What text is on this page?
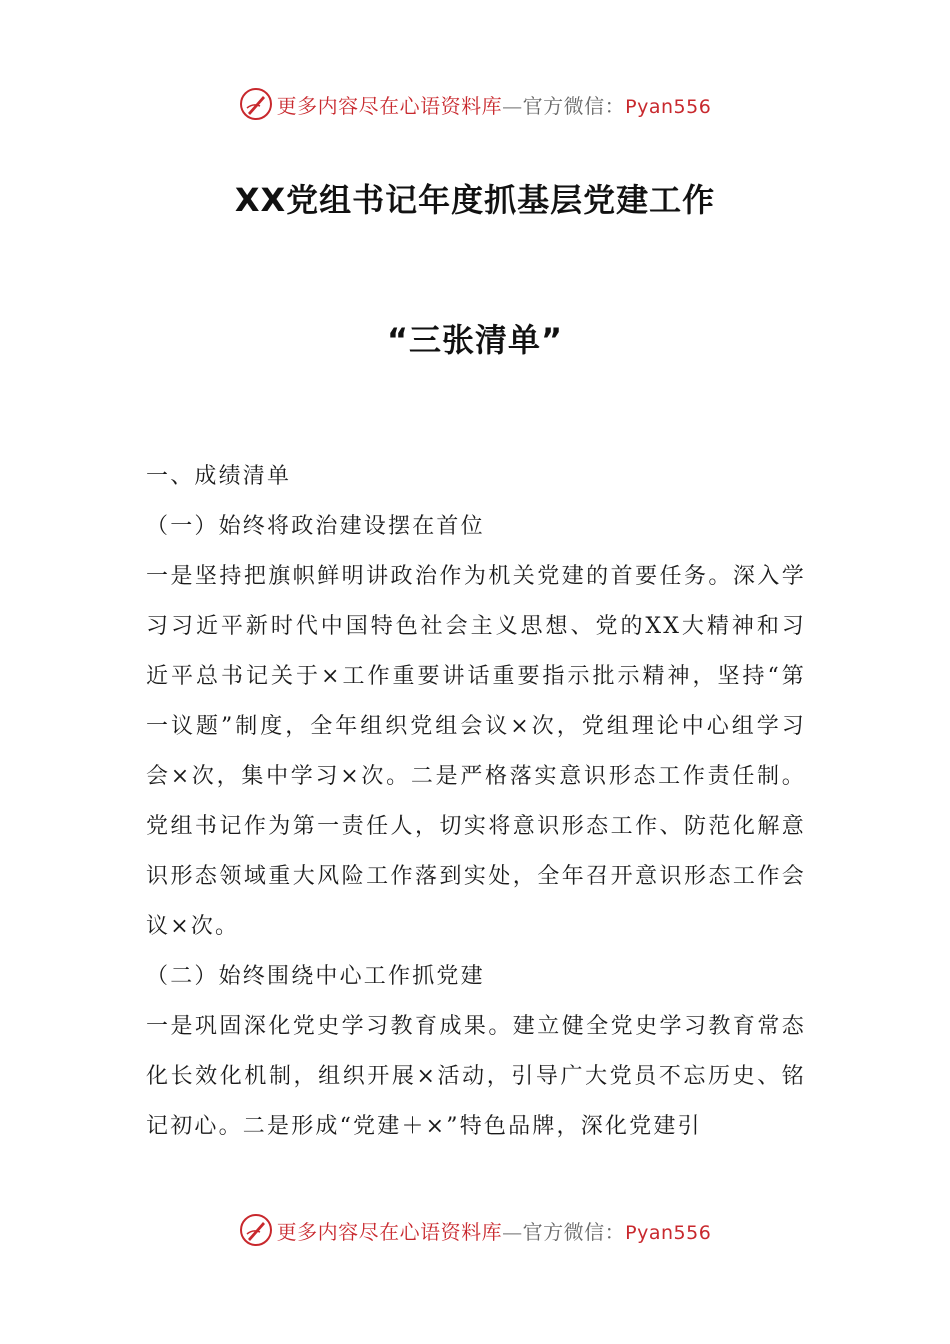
更多内容尽在心语资料库—官方微信：Pyan556
XX党组书记年度抓基层党建工作
“三张清单”

一、成绩清单

（一）始终将政治建设摆在首位

一是坚持把旗帜鲜明讲政治作为机关党建的首要任务。深入学习习近平新时代中国特色社会主义思想、党的XX大精神和习近平总书记关于×工作重要讲话重要指示批示精神，坚持“第一议题”制度，全年组织党组会议×次，党组理论中心组学习会×次，集中学习×次。二是严格落实意识形态工作责任制。党组书记作为第一责任人，切实将意识形态工作、防范化解意识形态领域重大风险工作落到实处，全年召开意识形态工作会议×次。

（二）始终围绕中心工作抓党建

一是巩固深化党史学习教育成果。建立健全党史学习教育常态化长效化机制，组织开展×活动，引导广大党员不忘历史、铭记初心。二是形成“党建＋×”特色品牌，深化党建引

更多内容尽在心语资料库—官方微信：Pyan556
